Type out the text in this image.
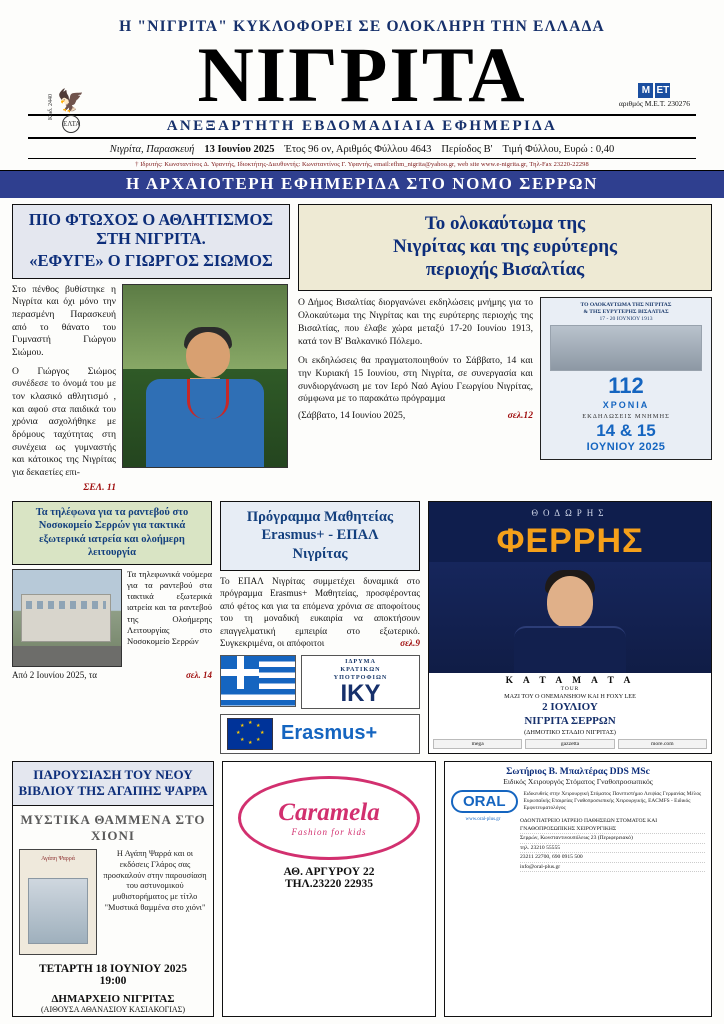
Η "ΝΙΓΡΙΤΑ" ΚΥΚΛΟΦΟΡΕΙ ΣΕ ΟΛΟΚΛΗΡΗ ΤΗΝ ΕΛΛΑΔΑ
Κωδ. 2440 🦅
ΕΛΤΑ
ΝΙΓΡΙΤΑ	Μ ΕΤ
αριθμός Μ.Ε.Τ. 230276
ΑΝΕΞΑΡΤΗΤΗ ΕΒΔΟΜΑΔΙΑΙΑ ΕΦΗΜΕΡΙΔΑ
Νιγρίτα, Παρασκευή 13 Ιουνίου 2025 Έτος 96 ον, Αριθμός Φύλλου 4643 Περίοδος Β' Τιμή Φύλλου, Ευρώ : 0,40
† Ιδρυτής: Κωνσταντίνος Δ. Υφαντής, Ιδιοκτήτης-Διευθυντής: Κωνσταντίνος Γ. Υφαντής, email:efhm_nigrita@yahoo.gr, web site www.e-nigrita.gr, Τηλ-Fax 23220-22298
Η ΑΡΧΑΙΟΤΕΡΗ ΕΦΗΜΕΡΙΔΑ ΣΤΟ ΝΟΜΟ ΣΕΡΡΩΝ
ΠΙΟ ΦΤΩΧΟΣ Ο ΑΘΛΗΤΙΣΜΟΣ ΣΤΗ ΝΙΓΡΙΤΑ.
«ΕΦΥΓΕ» Ο ΓΙΩΡΓΟΣ ΣΙΩΜΟΣ

Στο πένθος βυθίστηκε η Νιγρίτα και όχι μόνο την περασμένη Παρασκευή από το θάνατο του Γυμναστή Γιώργου Σιώμου.

Ο Γιώργος Σιώμος συνέδεσε το όνομά του με τον κλασικό αθλητισμό , και αφού στα παιδικά του χρόνια ασχολήθηκε με δρόμους ταχύτητας στη συνέχεια ως γυμναστής και κάτοικος της Νιγρίτας για δεκαετίες επι-

ΣΕΛ. 11

Το ολοκαύτωμα της
Νιγρίτας και της ευρύτερης
περιοχής Βισαλτίας

Ο Δήμος Βισαλτίας διοργανώνει εκδηλώσεις μνήμης για το Ολοκαύτωμα της Νιγρίτας και της ευρύτερης περιοχής της Βισαλτίας, που έλαβε χώρα μεταξύ 17-20 Ιουνίου 1913, κατά τον Β' Βαλκανικό Πόλεμο.

Οι εκδηλώσεις θα πραγματοποιηθούν το Σάββατο, 14 και την Κυριακή 15 Ιουνίου, στη Νιγρίτα, σε συνεργασία και συνδιοργάνωση με τον Ιερό Ναό Αγίου Γεωργίου Νιγρίτας, σύμφωνα με το παρακάτω πρόγραμμα

(Σάββατο, 14 Ιουνίου 2025,	σελ.12

ΤΟ ΟΛΟΚΑΥΤΩΜΑ ΤΗΣ ΝΙΓΡΙΤΑΣ
& ΤΗΣ ΕΥΡΥΤΕΡΗΣ ΒΙΣΑΛΤΙΑΣ
17 - 20 ΙΟΥΝΙΟΥ 1913
112
ΧΡΟΝΙΑ
ΕΚΔΗΛΩΣΕΙΣ ΜΝΗΜΗΣ
14 & 15
ΙΟΥΝΙΟΥ 2025
Τα τηλέφωνα για τα ραντεβού στο Νοσοκομείο Σερρών για τακτικά εξωτερικά ιατρεία και ολοήμερη λειτουργία
Τα τηλεφωνικά νούμερα για τα ραντεβού στα τακτικά εξωτερικά ιατρεία και τα ραντεβού της Ολοήμερης Λειτουργίας στο Νοσοκομείο Σερρών
Από 2 Ιουνίου 2025, τα	σελ. 14
Πρόγραμμα Μαθητείας
Erasmus+ - ΕΠΑΛ
Νιγρίτας
Το ΕΠΑΛ Νιγρίτας συμμετέχει δυναμικά στο πρόγραμμα Erasmus+ Μαθητείας, προσφέροντας από φέτος και για τα επόμενα χρόνια σε αποφοίτους του τη μοναδική ευκαιρία να αποκτήσουν επαγγελματική εμπειρία στο εξωτερικό. Συγκεκριμένα, οι απόφοιτοι	σελ.9
ΙΔΡΥΜΑ
ΚΡΑΤΙΚΩΝ
ΥΠΟΤΡΟΦΙΩΝ
IKY
★
★
★
★
★
★
★
★ Erasmus+
ΘΟΔΩΡΗΣ
ΦΕΡΡΗΣ
Κ Α Τ Α Μ Α Τ Α
TOUR
ΜΑΖΙ ΤΟΥ Ο ONEMANSHOW ΚΑΙ Η FOXY LEE
2 ΙΟΥΛΙΟΥ
ΝΙΓΡΙΤΑ ΣΕΡΡΩΝ
(ΔΗΜΟΤΙΚΟ ΣΤΑΔΙΟ ΝΙΓΡΙΤΑΣ)
mega	gazzetta	more.com
ΠΑΡΟΥΣΙΑΣΗ ΤΟΥ ΝΕΟΥ ΒΙΒΛΙΟΥ ΤΗΣ ΑΓΑΠΗΣ ΨΑΡΡΑ
ΜΥΣΤΙΚΑ ΘΑΜΜΕΝΑ ΣΤΟ ΧΙΟΝΙ
Αγάπη Ψαρρά
Η Αγάπη Ψαρρά και οι εκδόσεις Γλάρος σας προσκαλούν στην παρουσίαση του αστυνομικού μυθιστορήματος με τίτλο "Μυστικά θαμμένα στο χιόνι"
ΤΕΤΑΡΤΗ 18 ΙΟΥΝΙΟΥ 2025
19:00
ΔΗΜΑΡΧΕΙΟ ΝΙΓΡΙΤΑΣ
(ΑΙΘΟΥΣΑ ΑΘΑΝΑΣΙΟΥ ΚΑΣΙΑΚΟΓΙΑΣ)
Caramela
Fashion for kids
ΑΘ. ΑΡΓΥΡΟΥ 22
ΤΗΛ.23220 22935
Σωτήριος Β. Μπαλτέρας DDS MSc
Ειδικός Χειρουργός Στόματος Γναθοπροσωπικός
ORAL	Ειδικευθείς στην Χειρουργική Στόματος Πανεπιστήμιο Λειψίας Γερμανίας Μέλος Ευρωπαϊκής Εταιρείας Γναθοπροσωπικής Χειρουργικής, EACMFS - Ειδικός Εμφυτευματολόγος
www.oral-plus.gr	ΟΔΟΝΤΙΑΤΡΕΙΟ ΙΑΤΡΕΙΟ ΠΑΘΗΣΕΩΝ ΣΤΟΜΑΤΟΣ ΚΑΙ ΓΝΑΘΟΠΡΟΣΩΠΙΚΗΣ ΧΕΙΡΟΥΡΓΙΚΗΣ
Σερρών, Κωνσταντινουπόλεως 23 (Περιφερειακό)
τηλ. 23210 55555
23211 22700, 690 0915 500
info@oral-plus.gr
